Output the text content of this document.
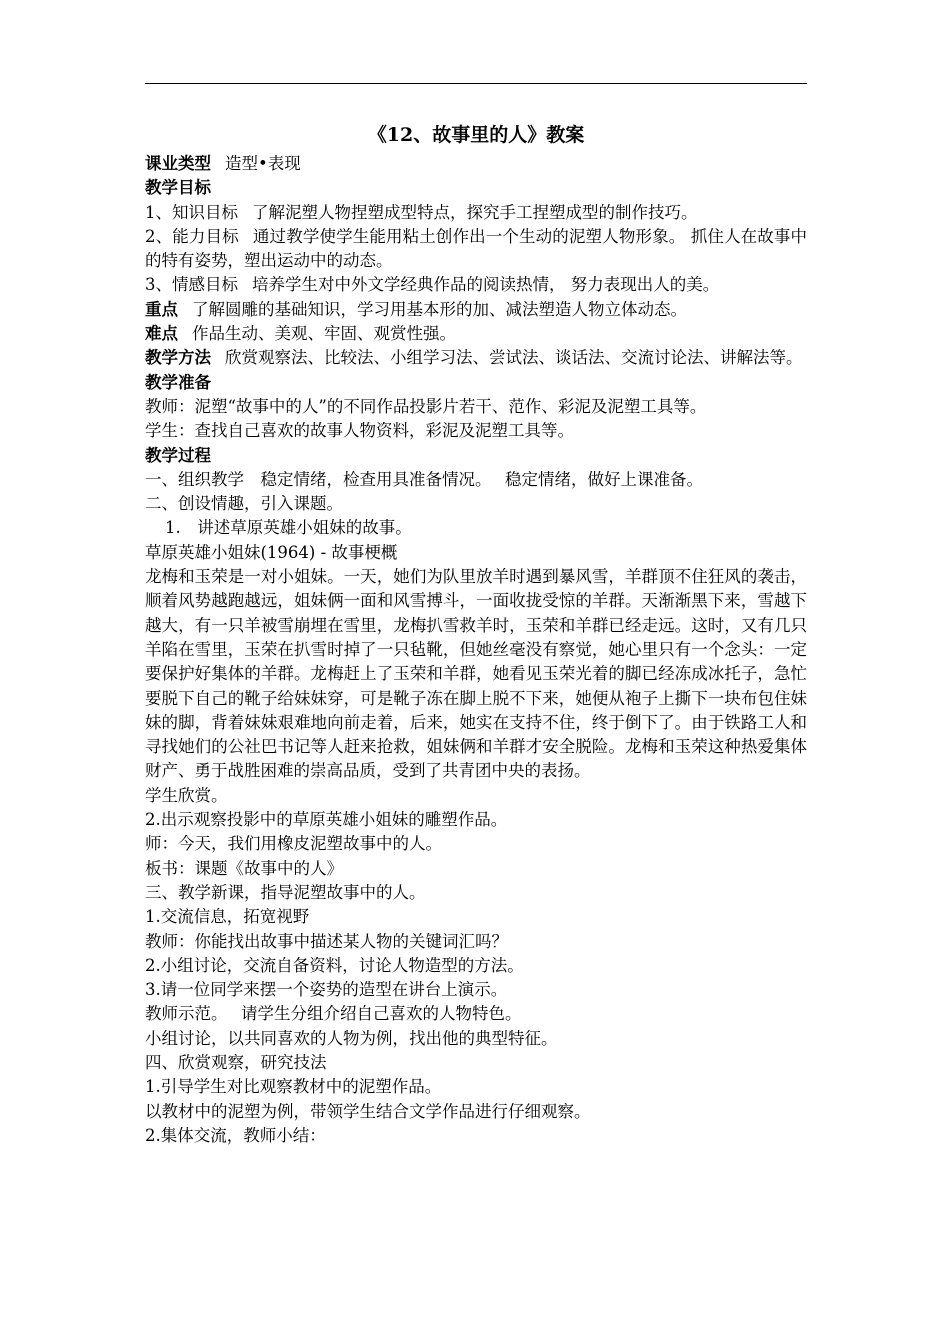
《12、故事里的人》教案

课业类型 造型•表现

教学目标

1、知识目标 了解泥塑人物捏塑成型特点，探究手工捏塑成型的制作技巧。

2、能力目标 通过教学使学生能用粘土创作出一个生动的泥塑人物形象。 抓住人在故事中的特有姿势，塑出运动中的动态。

3、情感目标 培养学生对中外文学经典作品的阅读热情， 努力表现出人的美。

重点 了解圆雕的基础知识，学习用基本形的加、减法塑造人物立体动态。

难点 作品生动、美观、牢固、观赏性强。

教学方法 欣赏观察法、比较法、小组学习法、尝试法、谈话法、交流讨论法、讲解法等。

教学准备

教师：泥塑“故事中的人”的不同作品投影片若干、范作、彩泥及泥塑工具等。

学生：查找自己喜欢的故事人物资料，彩泥及泥塑工具等。

教学过程

一、组织教学　稳定情绪，检查用具准备情况。　 稳定情绪，做好上课准备。

二、创设情趣，引入课题。

1.　讲述草原英雄小姐妹的故事。

草原英雄小姐妹(1964) - 故事梗概

龙梅和玉荣是一对小姐妹。一天，她们为队里放羊时遇到暴风雪，羊群顶不住狂风的袭击，顺着风势越跑越远，姐妹俩一面和风雪搏斗，一面收拢受惊的羊群。天渐渐黑下来，雪越下越大，有一只羊被雪崩埋在雪里，龙梅扒雪救羊时，玉荣和羊群已经走远。这时，又有几只羊陷在雪里，玉荣在扒雪时掉了一只毡靴，但她丝毫没有察觉，她心里只有一个念头：一定要保护好集体的羊群。龙梅赶上了玉荣和羊群，她看见玉荣光着的脚已经冻成冰托子，急忙要脱下自己的靴子给妹妹穿，可是靴子冻在脚上脱不下来，她便从袍子上撕下一块布包住妹妹的脚，背着妹妹艰难地向前走着，后来，她实在支持不住，终于倒下了。由于铁路工人和寻找她们的公社巴书记等人赶来抢救，姐妹俩和羊群才安全脱险。龙梅和玉荣这种热爱集体财产、勇于战胜困难的崇高品质，受到了共青团中央的表扬。

学生欣赏。

2.出示观察投影中的草原英雄小姐妹的雕塑作品。

师：今天，我们用橡皮泥塑故事中的人。

板书：课题《故事中的人》

三、教学新课，指导泥塑故事中的人。

1.交流信息，拓宽视野

教师：你能找出故事中描述某人物的关键词汇吗？

2.小组讨论，交流自备资料，讨论人物造型的方法。

3.请一位同学来摆一个姿势的造型在讲台上演示。

教师示范。　 请学生分组介绍自己喜欢的人物特色。

小组讨论，以共同喜欢的人物为例，找出他的典型特征。

四、欣赏观察，研究技法

1.引导学生对比观察教材中的泥塑作品。

以教材中的泥塑为例，带领学生结合文学作品进行仔细观察。

2.集体交流，教师小结：
